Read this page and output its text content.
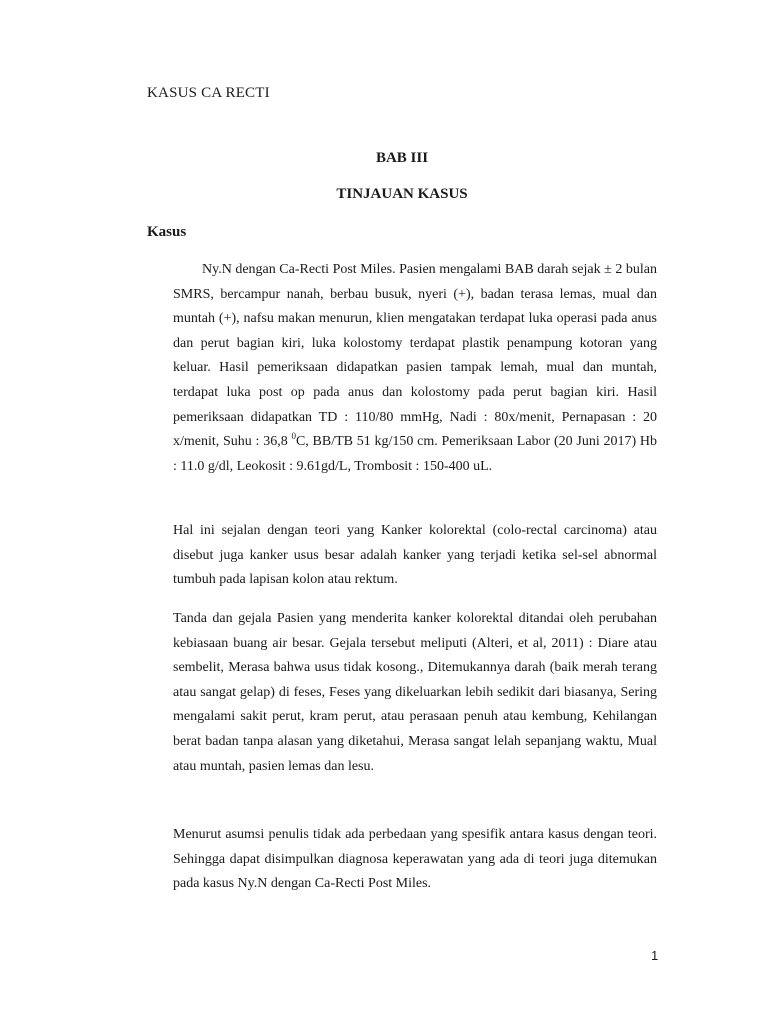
KASUS CA RECTI
BAB III
TINJAUAN KASUS
Kasus

Ny.N dengan Ca-Recti Post Miles. Pasien mengalami BAB darah sejak ± 2 bulan SMRS, bercampur nanah, berbau busuk, nyeri (+), badan terasa lemas, mual dan muntah (+), nafsu makan menurun, klien mengatakan terdapat luka operasi pada anus dan perut bagian kiri, luka kolostomy terdapat plastik penampung kotoran yang keluar. Hasil pemeriksaan didapatkan pasien tampak lemah, mual dan muntah, terdapat luka post op pada anus dan kolostomy pada perut bagian kiri. Hasil pemeriksaan didapatkan TD : 110/80 mmHg, Nadi : 80x/menit, Pernapasan : 20 x/menit, Suhu : 36,8 $^0$C, BB/TB 51 kg/150 cm. Pemeriksaan Labor (20 Juni 2017) Hb : 11.0 g/dl, Leokosit : 9.61gd/L, Trombosit : 150-400 uL.

Hal ini sejalan dengan teori yang Kanker kolorektal (colo-rectal carcinoma) atau disebut juga kanker usus besar adalah kanker yang terjadi ketika sel-sel abnormal tumbuh pada lapisan kolon atau rektum.

Tanda dan gejala Pasien yang menderita kanker kolorektal ditandai oleh perubahan kebiasaan buang air besar. Gejala tersebut meliputi (Alteri, et al, 2011) : Diare atau sembelit, Merasa bahwa usus tidak kosong., Ditemukannya darah (baik merah terang atau sangat gelap) di feses, Feses yang dikeluarkan lebih sedikit dari biasanya, Sering mengalami sakit perut, kram perut, atau perasaan penuh atau kembung, Kehilangan berat badan tanpa alasan yang diketahui, Merasa sangat lelah sepanjang waktu, Mual atau muntah, pasien lemas dan lesu.

Menurut asumsi penulis tidak ada perbedaan yang spesifik antara kasus dengan teori. Sehingga dapat disimpulkan diagnosa keperawatan yang ada di teori juga ditemukan pada kasus Ny.N dengan Ca-Recti Post Miles.

1
